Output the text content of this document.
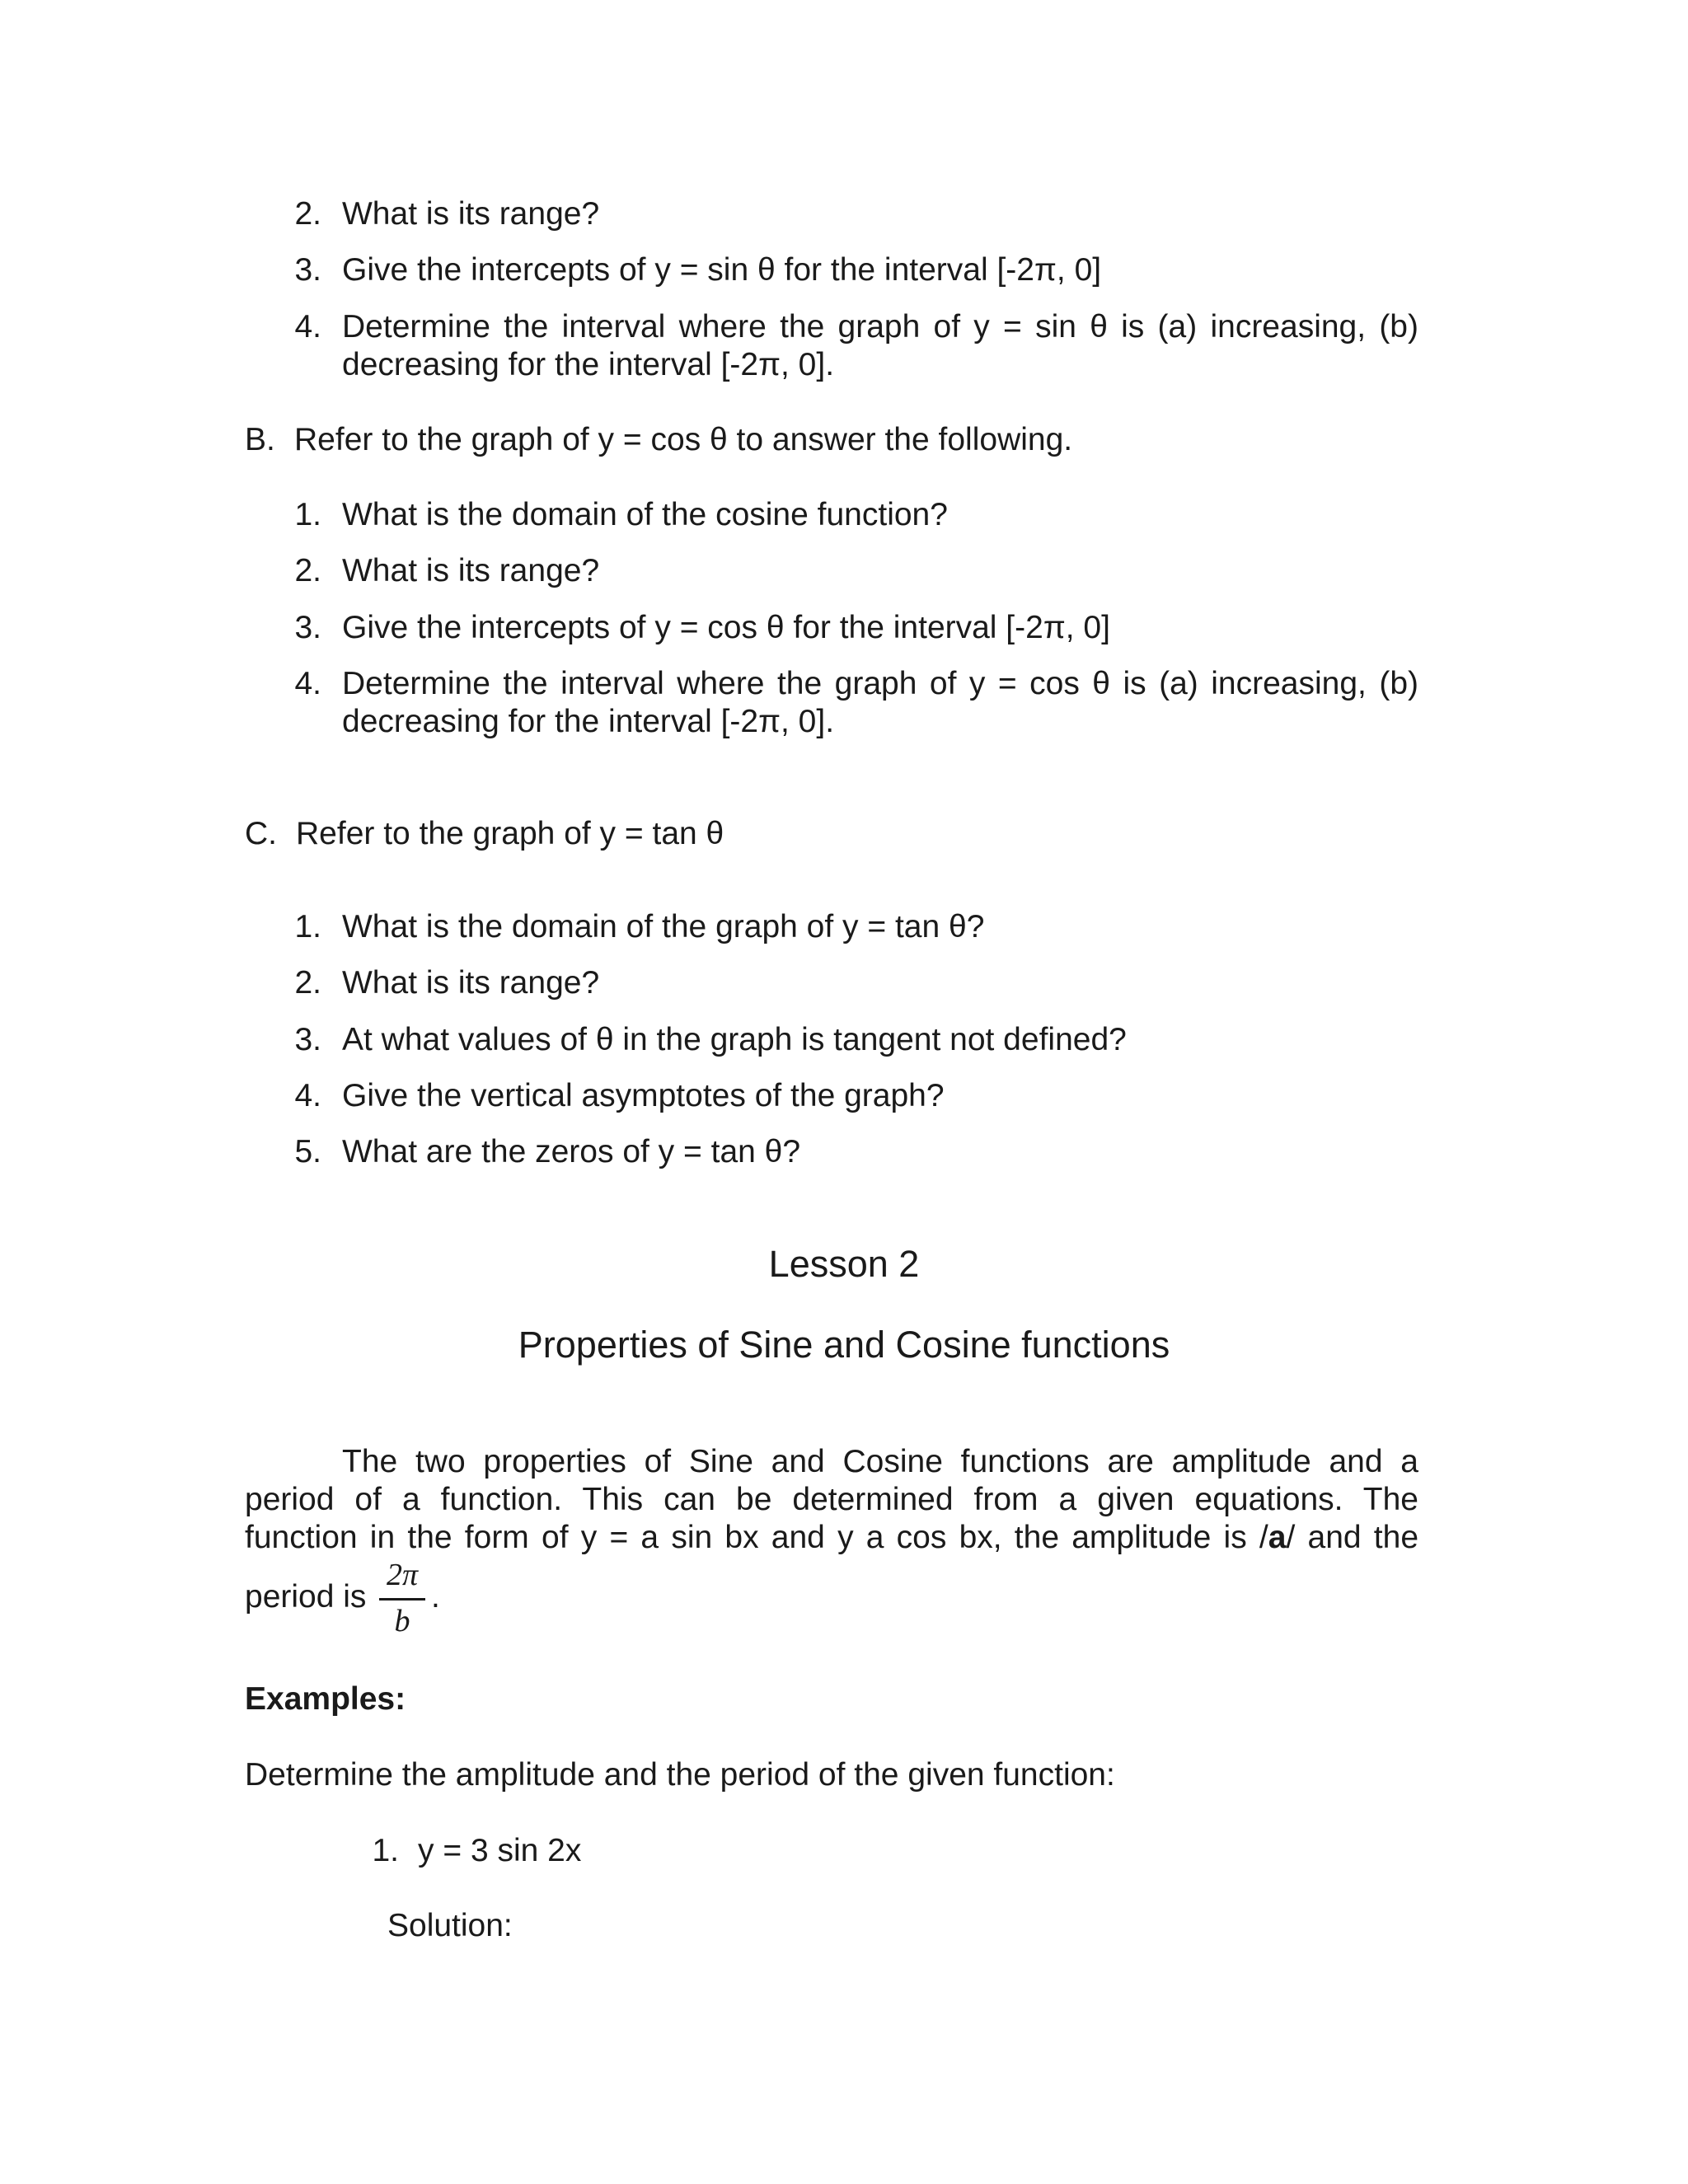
2. What is its range?
3. Give the intercepts of y = sin θ for the interval [-2π, 0]
4. Determine the interval where the graph of y = sin θ is (a) increasing, (b)
decreasing for the interval [-2π, 0].
B. Refer to the graph of y = cos θ to answer the following.
1. What is the domain of the cosine function?
2. What is its range?
3. Give the intercepts of y = cos θ for the interval [-2π, 0]
4. Determine the interval where the graph of y = cos θ is (a) increasing, (b)
decreasing for the interval [-2π, 0].
C. Refer to the graph of y = tan θ
1. What is the domain of the graph of y = tan θ?
2. What is its range?
3. At what values of θ in the graph is tangent not defined?
4. Give the vertical asymptotes of the graph?
5. What are the zeros of y = tan θ?
Lesson 2
Properties of Sine and Cosine functions
The two properties of Sine and Cosine functions are amplitude and a
period of a function. This can be determined from a given equations. The
function in the form of y = a sin bx and y a cos bx, the amplitude is /a/ and the
period is
2π
b
.
Examples:
Determine the amplitude and the period of the given function:
1. y = 3 sin 2x
Solution:
